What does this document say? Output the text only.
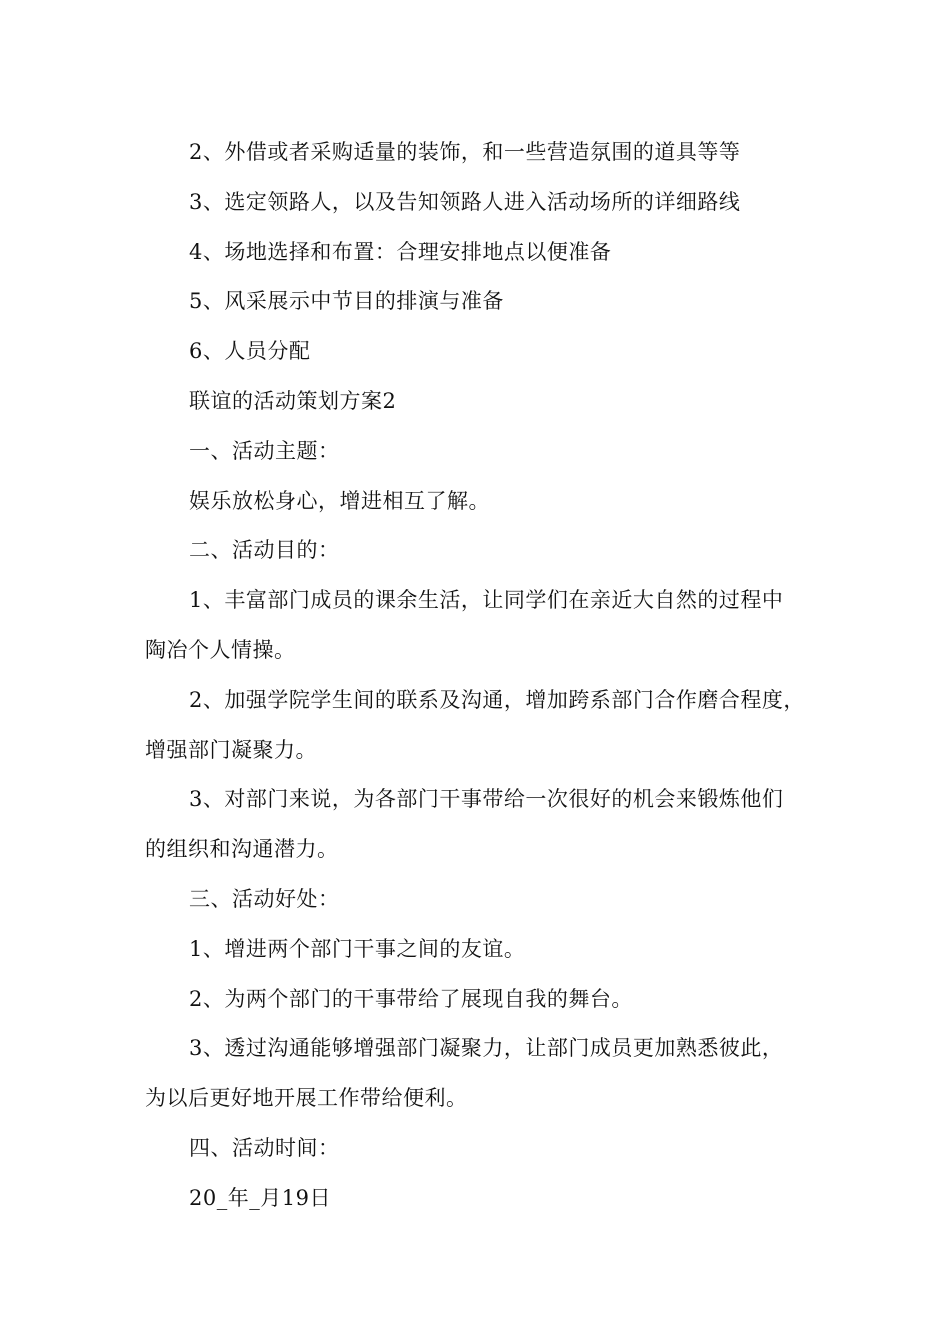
2、外借或者采购适量的装饰，和一些营造氛围的道具等等

3、选定领路人，以及告知领路人进入活动场所的详细路线

4、场地选择和布置：合理安排地点以便准备

5、风采展示中节目的排演与准备

6、人员分配

联谊的活动策划方案2

一、活动主题：

娱乐放松身心，增进相互了解。

二、活动目的：

1、丰富部门成员的课余生活，让同学们在亲近大自然的过程中

陶冶个人情操。

2、加强学院学生间的联系及沟通，增加跨系部门合作磨合程度，

增强部门凝聚力。

3、对部门来说，为各部门干事带给一次很好的机会来锻炼他们

的组织和沟通潜力。

三、活动好处：

1、增进两个部门干事之间的友谊。

2、为两个部门的干事带给了展现自我的舞台。

3、透过沟通能够增强部门凝聚力，让部门成员更加熟悉彼此，

为以后更好地开展工作带给便利。

四、活动时间：

20_年_月19日
